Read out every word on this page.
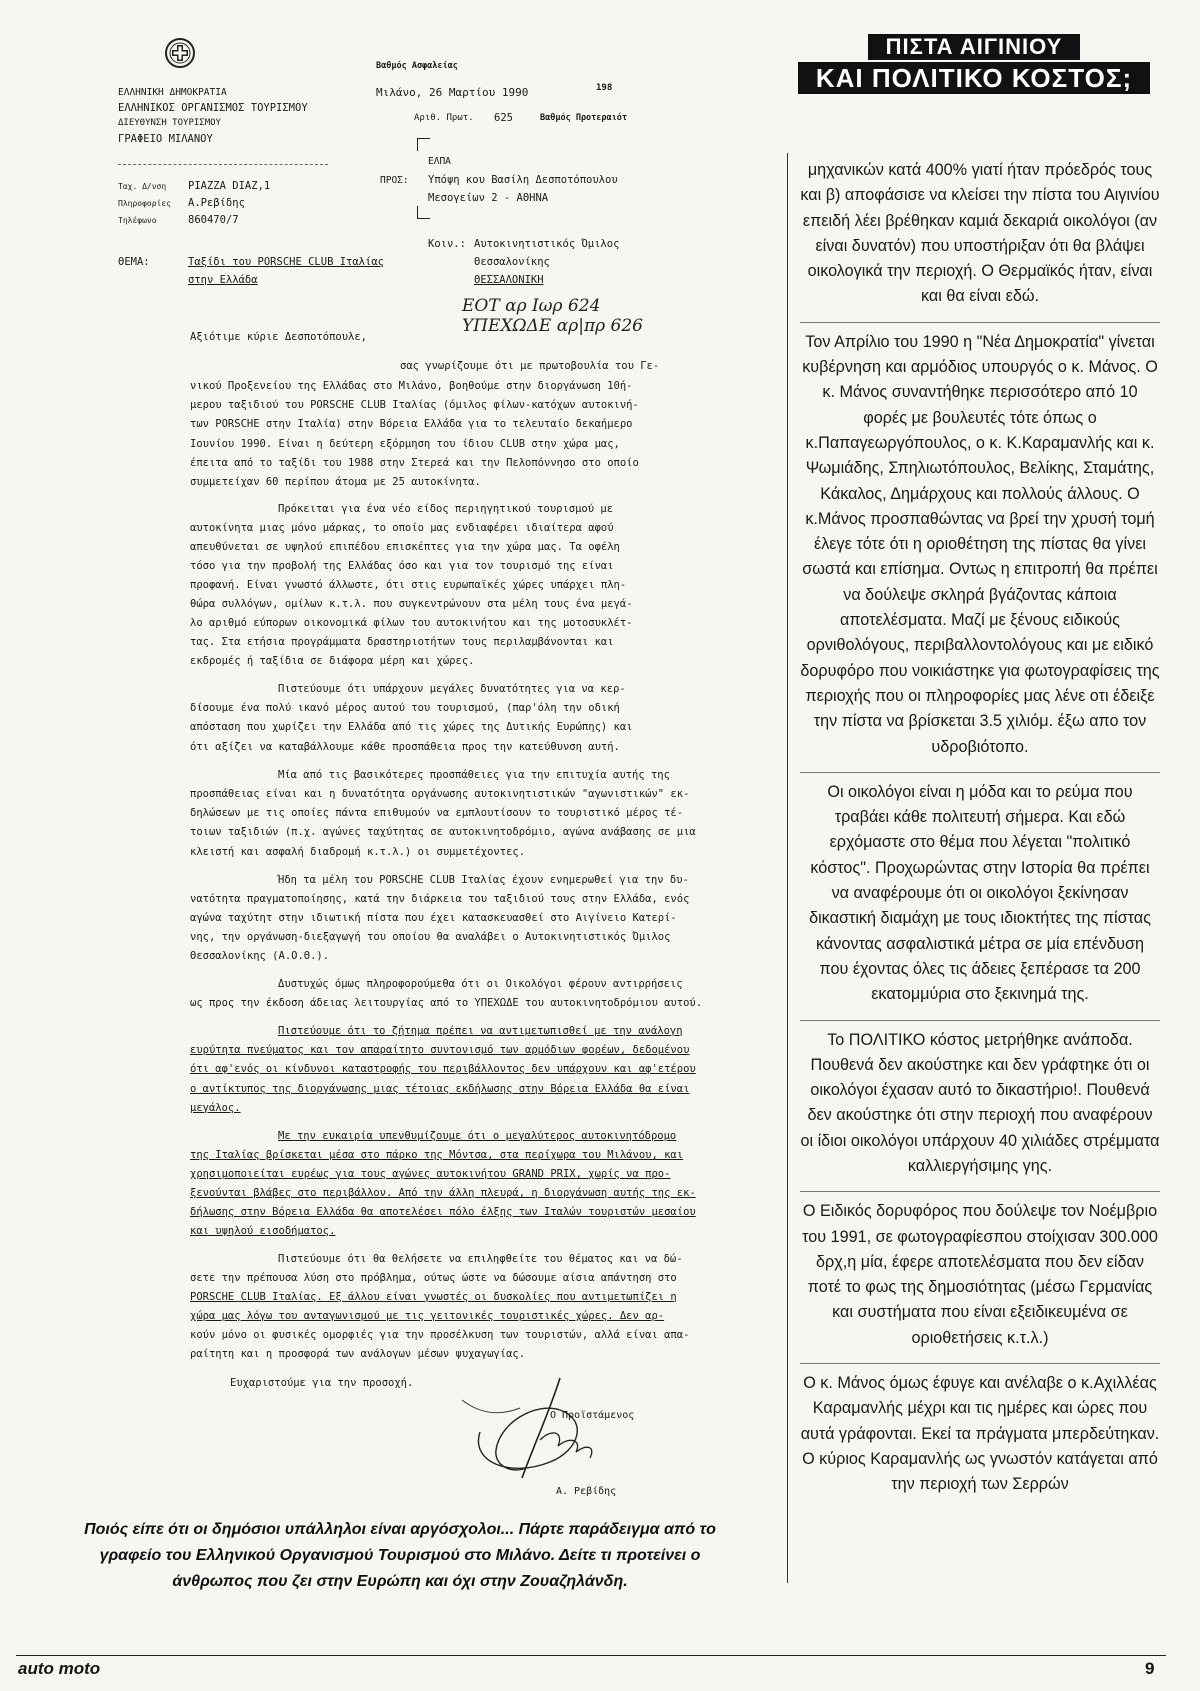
ΕΛΛΗΝΙΚΗ ΔΗΜΟΚΡΑΤΙΑ
ΕΛΛΗΝΙΚΟΣ ΟΡΓΑΝΙΣΜΟΣ ΤΟΥΡΙΣΜΟΥ
ΔΙΕΥΘΥΝΣΗ ΤΟΥΡΙΣΜΟΥ
ΓΡΑΦΕΙΟ ΜΙΛΑΝΟΥ
Βαθμός Ασφαλείας
Μιλάνο, 26 Μαρτίου 1990	198
Αριθ. Πρωτ. 625	Βαθμός Προτεραιότ
ΕΛΠΑ
ΠΡΟΣ: Υπόψη κου Βασίλη Δεσποτόπουλου
Μεσογείων 2 - ΑΘΗΝΑ
Ταχ. Δ/νση PIAZZA DIAZ,1
Πληροφορίες Α.Ρεβίδης
Τηλέφωνο	860470/7
Κοιν.: Αυτοκινητιστικός Όμιλος
Θεσσαλονίκης
ΘΕΣΣΑΛΟΝΙΚΗ
ΘΕΜΑ:	Ταξίδι του PORSCHE CLUB Ιταλίας
στην Ελλάδα
ΕΟΤ αρ Ιωρ 624
ΥΠΕΧΩΔΕ αρ|πρ 626
Αξιότιμε κύριε Δεσποτόπουλε,
σας γνωρίζουμε ότι με πρωτοβουλία του Γε-
νικού Προξενείου της Ελλάδας στο Μιλάνο, βοηθούμε στην διοργάνωση 10ή-
μερου ταξιδιού του PORSCHE CLUB Ιταλίας (όμιλος φίλων-κατόχων αυτοκινή-
των PORSCHE στην Ιταλία) στην Βόρεια Ελλάδα για το τελευταίο δεκαήμερο
Ιουνίου 1990. Είναι η δεύτερη εξόρμηση του ίδιου CLUB στην χώρα μας,
έπειτα από το ταξίδι του 1988 στην Στερεά και την Πελοπόννησο στο οποίο
συμμετείχαν 60 περίπου άτομα με 25 αυτοκίνητα.
Πρόκειται για ένα νέο είδος περιηγητικού τουρισμού με
αυτοκίνητα μιας μόνο μάρκας, το οποίο μας ενδιαφέρει ιδιαίτερα αφού
απευθύνεται σε υψηλού επιπέδου επισκέπτες για την χώρα μας. Τα οφέλη
τόσο για την προβολή της Ελλάδας όσο και για τον τουρισμό της είναι
προφανή. Είναι γνωστό άλλωστε, ότι στις ευρωπαϊκές χώρες υπάρχει πλη-
θώρα συλλόγων, ομίλων κ.τ.λ. που συγκεντρώνουν στα μέλη τους ένα μεγά-
λο αριθμό εύπορων οικονομικά φίλων του αυτοκινήτου και της μοτοσυκλέτ-
τας. Στα ετήσια προγράμματα δραστηριοτήτων τους περιλαμβάνονται και
εκδρομές ή ταξίδια σε διάφορα μέρη και χώρες.
Πιστεύουμε ότι υπάρχουν μεγάλες δυνατότητες για να κερ-
δίσουμε ένα πολύ ικανό μέρος αυτού του τουρισμού, (παρ'όλη την οδική
απόσταση που χωρίζει την Ελλάδα από τις χώρες της Δυτικής Ευρώπης) και
ότι αξίζει να καταβάλλουμε κάθε προσπάθεια προς την κατεύθυνση αυτή.
Μία από τις βασικότερες προσπάθειες για την επιτυχία αυτής της
προσπάθειας είναι και η δυνατότητα οργάνωσης αυτοκινητιστικών "αγωνιστικών" εκ-
δηλώσεων με τις οποίες πάντα επιθυμούν να εμπλουτίσουν το τουριστικό μέρος τέ-
τοιων ταξιδιών (π.χ. αγώνες ταχύτητας σε αυτοκινητοδρόμιο, αγώνα ανάβασης σε μια
κλειστή και ασφαλή διαδρομή κ.τ.λ.) οι συμμετέχοντες.
Ήδη τα μέλη του PORSCHE CLUB Ιταλίας έχουν ενημερωθεί για την δυ-
νατότητα πραγματοποίησης, κατά την διάρκεια του ταξιδιού τους στην Ελλάδα, ενός
αγώνα ταχύτητ στην ιδιωτική πίστα που έχει κατασκευασθεί στο Αιγίνειο Κατερί-
νης, την οργάνωση-διεξαγωγή του οποίου θα αναλάβει ο Αυτοκινητιστικός Όμιλος
Θεσσαλονίκης (Α.Ο.Θ.).
Δυστυχώς όμως πληροφορούμεθα ότι οι Οικολόγοι φέρουν αντιρρήσεις
ως προς την έκδοση άδειας λειτουργίας από το ΥΠΕΧΩΔΕ του αυτοκινητοδρόμιου αυτού.
Πιστεύουμε ότι το ζήτημα πρέπει να αντιμετωπισθεί με την ανάλογη
ευρύτητα πνεύματος και τον απαραίτητο συντονισμό των αρμόδιων φορέων, δεδομένου
ότι αφ'ενός οι κίνδυνοι καταστροφής του περιβάλλοντος δεν υπάρχουν και αφ'ετέρου
ο αντίκτυπος της διοργάνωσης μιας τέτοιας εκδήλωσης στην Βόρεια Ελλάδα θα είναι
μεγάλος.
Με την ευκαιρία υπενθυμίζουμε ότι ο μεγαλύτερος αυτοκινητόδρομο
της Ιταλίας βρίσκεται μέσα στο πάρκο της Μόντσα, στα περίχωρα του Μιλάνου, και
χρησιμοποιείται ευρέως για τους αγώνες αυτοκινήτου GRAND PRIX, χωρίς να προ-
ξενούνται βλάβες στο περιβάλλον. Από την άλλη πλευρά, η διοργάνωση αυτής της εκ-
δήλωσης στην Βόρεια Ελλάδα θα αποτελέσει πόλο έλξης των Ιταλών τουριστών μεσαίου
και υψηλού εισοδήματος.
Πιστεύουμε ότι θα θελήσετε να επιληφθείτε του θέματος και να δώ-
σετε την πρέπουσα λύση στο πρόβλημα, ούτως ώστε να δώσουμε αίσια απάντηση στο
PORSCHE CLUB Ιταλίας. Εξ άλλου είναι γνωστές οι δυσκολίες που αντιμετωπίζει η
χώρα μας λόγω του ανταγωνισμού με τις γειτονικές τουριστικές χώρες. Δεν αρ-
κούν μόνο οι φυσικές ομορφιές για την προσέλκυση των τουριστών, αλλά είναι απα-
ραίτητη και η προσφορά των ανάλογων μέσων ψυχαγωγίας.
Ευχαριστούμε για την προσοχή.
Ο Προϊστάμενος
Α. Ρεβίδης
ΠΙΣΤΑ ΑΙΓΙΝΙΟΥ
ΚΑΙ ΠΟΛΙΤΙΚΟ ΚΟΣΤΟΣ;

μηχανικών κατά 400% γιατί ήταν πρόεδρός τους και β) αποφάσισε να κλείσει την πίστα του Αιγινίου επειδή λέει βρέθηκαν καμιά δεκαριά οικολόγοι (αν είναι δυνατόν) που υποστήριξαν ότι θα βλάψει οικολογικά την περιοχή. Ο Θερμαϊκός ήταν, είναι και θα είναι εδώ.

Τον Απρίλιο του 1990 η "Νέα Δημοκρατία" γίνεται κυβέρνηση και αρμόδιος υπουργός ο κ. Μάνος. Ο κ. Μάνος συναντήθηκε περισσότερο από 10 φορές με βουλευτές τότε όπως ο κ.Παπαγεωργόπουλος, ο κ. Κ.Καραμανλής και κ. Ψωμιάδης, Σπηλιωτόπουλος, Βελίκης, Σταμάτης, Κάκαλος, Δημάρχους και πολλούς άλλους. Ο κ.Μάνος προσπαθώντας να βρεί την χρυσή τομή έλεγε τότε ότι η οριοθέτηση της πίστας θα γίνει σωστά και επίσημα. Οντως η επιτροπή θα πρέπει να δούλεψε σκληρά βγάζοντας κάποια αποτελέσματα. Μαζί με ξένους ειδικούς ορνιθολόγους, περιβαλλοντολόγους και με ειδικό δορυφόρο που νοικιάστηκε για φωτογραφίσεις της περιοχής που οι πληροφορίες μας λένε οτι έδειξε την πίστα να βρίσκεται 3.5 χιλιόμ. έξω απο τον υδροβιότοπο.

Οι οικολόγοι είναι η μόδα και το ρεύμα που τραβάει κάθε πολιτευτή σήμερα. Και εδώ ερχόμαστε στο θέμα που λέγεται "πολιτικό κόστος". Προχωρώντας στην Ιστορία θα πρέπει να αναφέρουμε ότι οι οικολόγοι ξεκίνησαν δικαστική διαμάχη με τους ιδιοκτήτες της πίστας κάνοντας ασφαλιστικά μέτρα σε μία επένδυση που έχοντας όλες τις άδειες ξεπέρασε τα 200 εκατομμύρια στο ξεκινημά της.

Το ΠΟΛΙΤΙΚΟ κόστος μετρήθηκε ανάποδα. Πουθενά δεν ακούστηκε και δεν γράφτηκε ότι οι οικολόγοι έχασαν αυτό το δικαστήριο!. Πουθενά δεν ακούστηκε ότι στην περιοχή που αναφέρουν οι ίδιοι οικολόγοι υπάρχουν 40 χιλιάδες στρέμματα καλλιεργήσιμης γης.

Ο Ειδικός δορυφόρος που δούλεψε τον Νοέμβριο του 1991, σε φωτογραφίεσπου στοίχισαν 300.000 δρχ,η μία, έφερε αποτελέσματα που δεν είδαν ποτέ το φως της δημοσιότητας (μέσω Γερμανίας και συστήματα που είναι εξειδικευμένα σε οριοθετήσεις κ.τ.λ.)

Ο κ. Μάνος όμως έφυγε και ανέλαβε ο κ.Αχιλλέας Καραμανλής μέχρι και τις ημέρες και ώρες που αυτά γράφονται. Εκεί τα πράγματα μπερδεύτηκαν. Ο κύριος Καραμανλής ως γνωστόν κατάγεται από την περιοχή των Σερρών

Ποιός είπε ότι οι δημόσιοι υπάλληλοι είναι αργόσχολοι... Πάρτε παράδειγμα από το
γραφείο του Ελληνικού Οργανισμού Τουρισμού στο Μιλάνο. Δείτε τι προτείνει ο
άνθρωπος που ζει στην Ευρώπη και όχι στην Ζουαζηλάνδη.
auto moto	9
